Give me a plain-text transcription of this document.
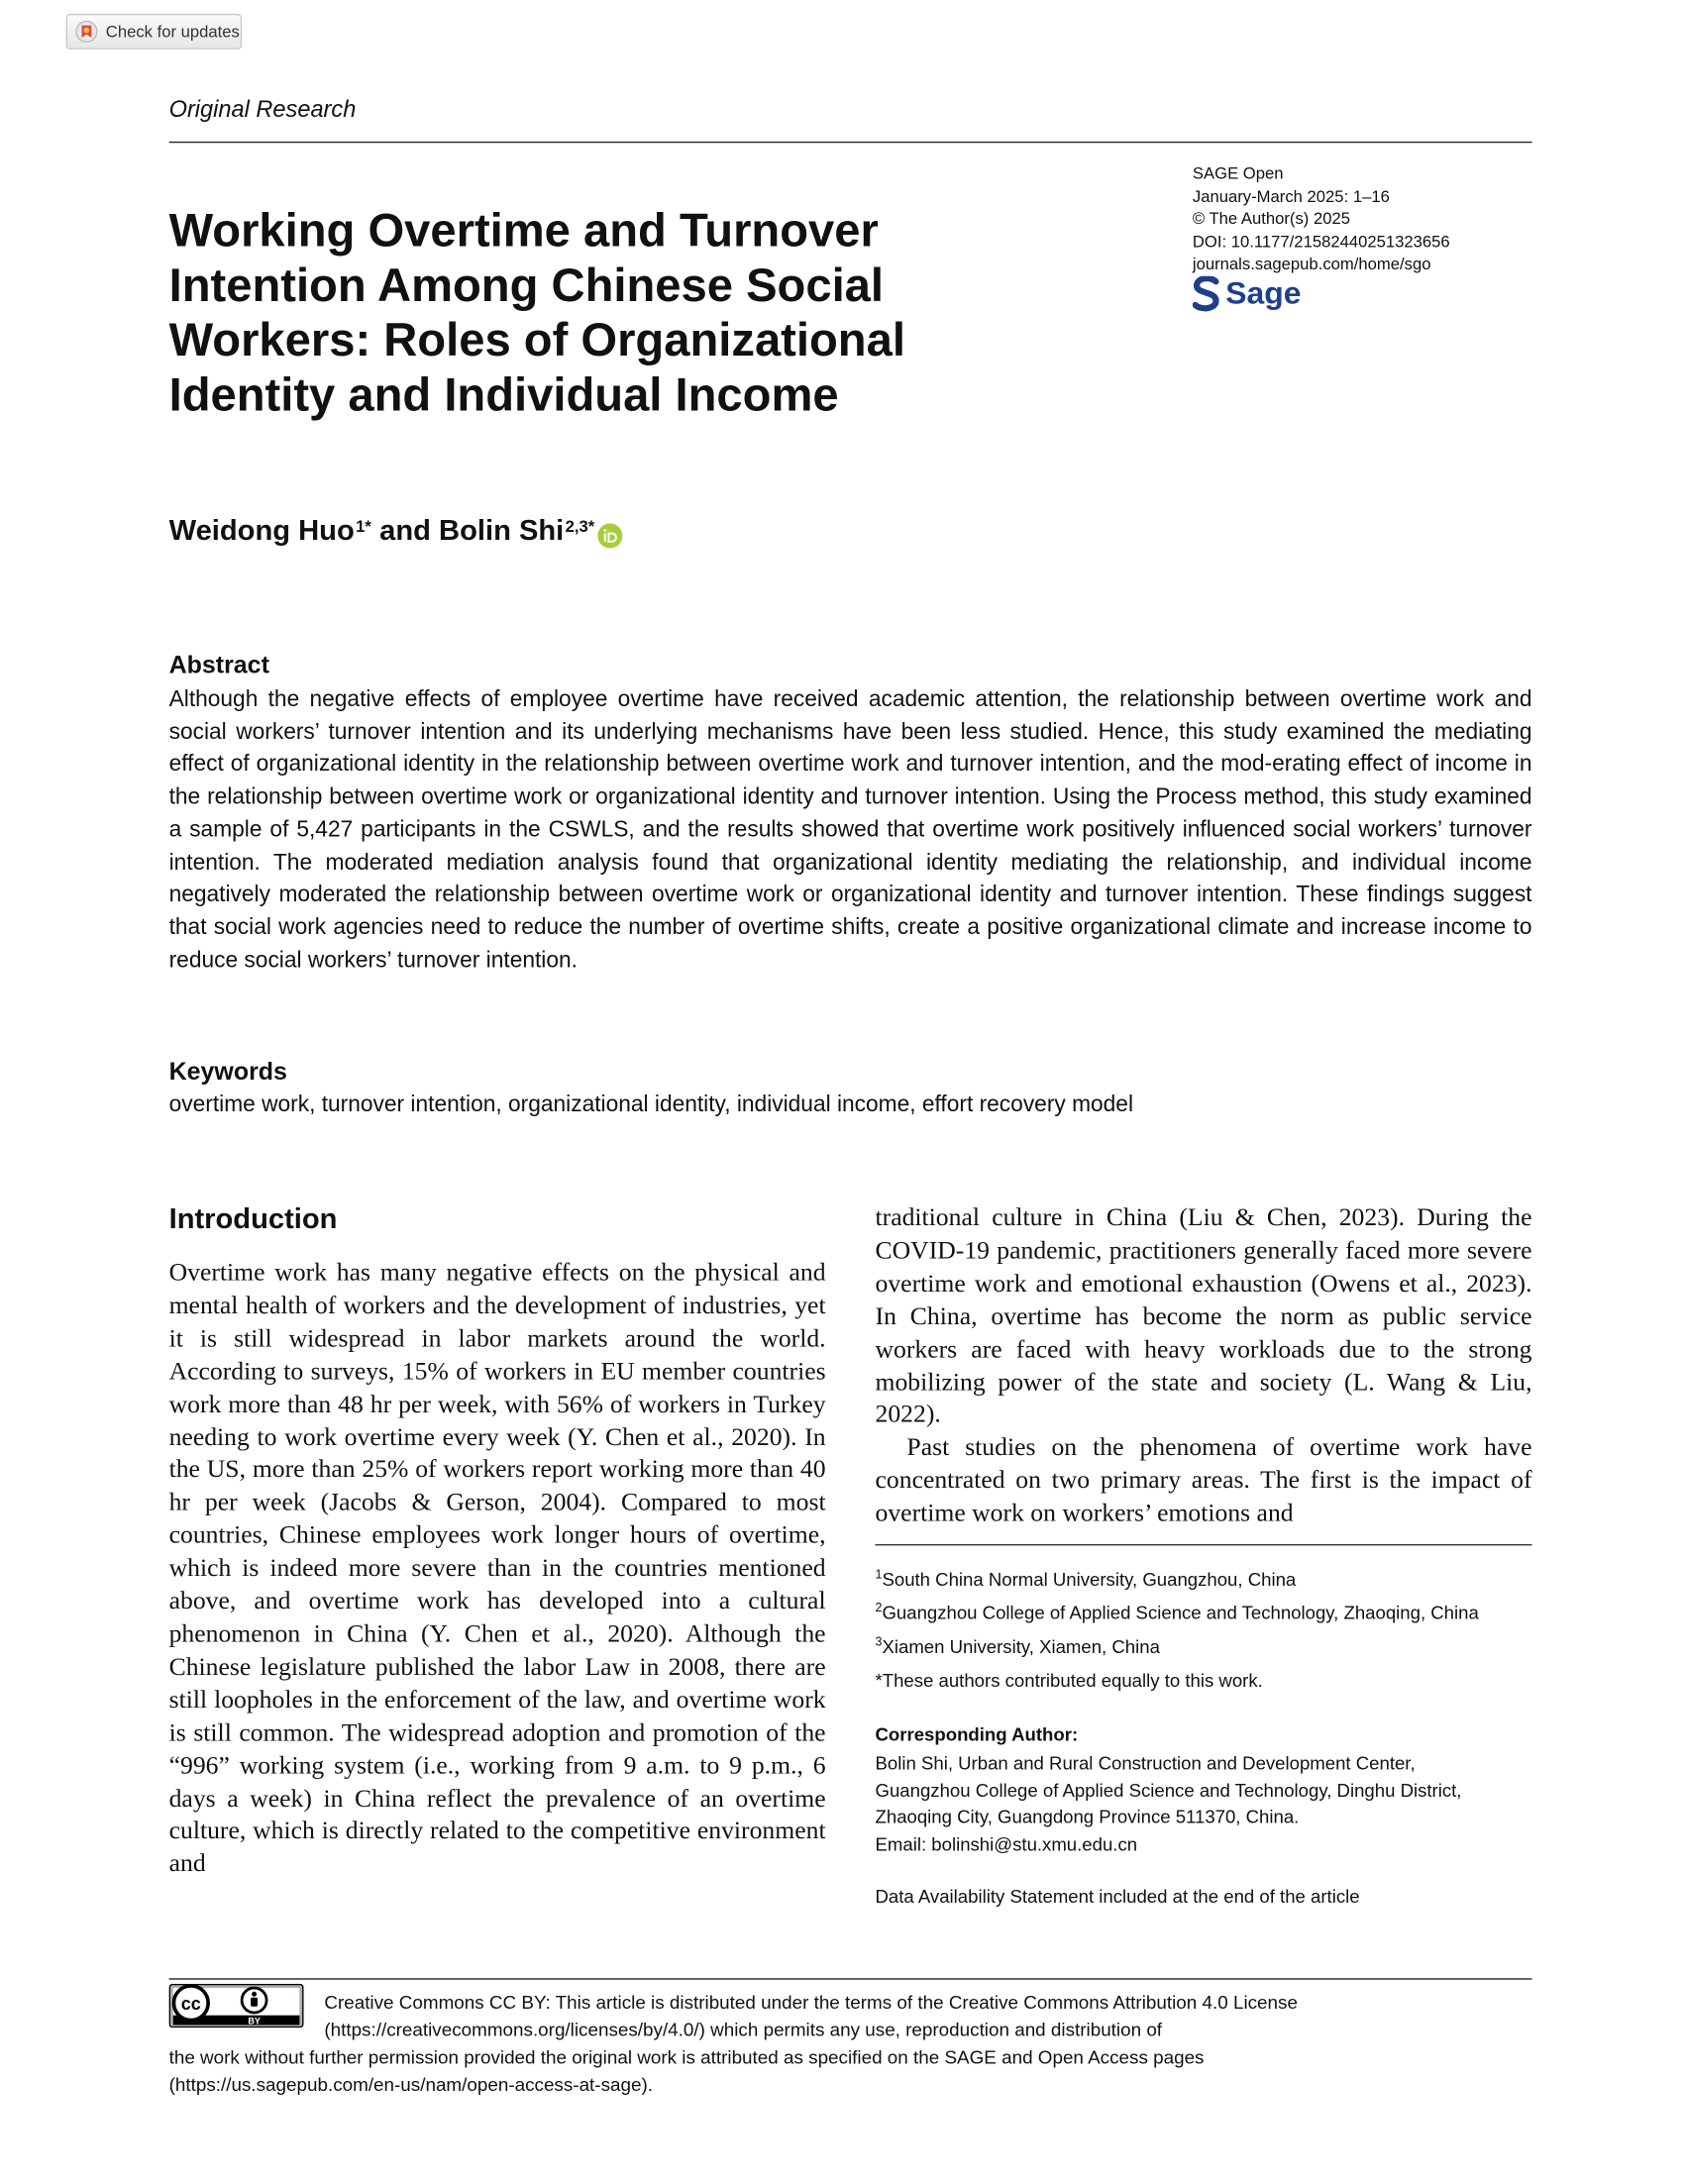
Check for updates
Original Research
SAGE Open
January-March 2025: 1–16
© The Author(s) 2025
DOI: 10.1177/21582440251323656
journals.sagepub.com/home/sgo
Sage
Working Overtime and Turnover Intention Among Chinese Social Workers: Roles of Organizational Identity and Individual Income
Weidong Huo$^{1*}$ and Bolin Shi$^{2,3*}$
Abstract

Although the negative effects of employee overtime have received academic attention, the relationship between overtime work and social workers’ turnover intention and its underlying mechanisms have been less studied. Hence, this study examined the mediating effect of organizational identity in the relationship between overtime work and turnover intention, and the mod-erating effect of income in the relationship between overtime work or organizational identity and turnover intention. Using the Process method, this study examined a sample of 5,427 participants in the CSWLS, and the results showed that overtime work positively influenced social workers’ turnover intention. The moderated mediation analysis found that organizational identity mediating the relationship, and individual income negatively moderated the relationship between overtime work or organizational identity and turnover intention. These findings suggest that social work agencies need to reduce the number of overtime shifts, create a positive organizational climate and increase income to reduce social workers’ turnover intention.

Keywords
overtime work, turnover intention, organizational identity, individual income, effort recovery model
Introduction

Overtime work has many negative effects on the physical and mental health of workers and the development of industries, yet it is still widespread in labor markets around the world. According to surveys, 15% of workers in EU member countries work more than 48 hr per week, with 56% of workers in Turkey needing to work overtime every week (Y. Chen et al., 2020). In the US, more than 25% of workers report working more than 40 hr per week (Jacobs & Gerson, 2004). Compared to most countries, Chinese employees work longer hours of overtime, which is indeed more severe than in the countries mentioned above, and overtime work has developed into a cultural phenomenon in China (Y. Chen et al., 2020). Although the Chinese legislature published the labor Law in 2008, there are still loopholes in the enforcement of the law, and overtime work is still common. The widespread adoption and promotion of the “996” working system (i.e., working from 9 a.m. to 9 p.m., 6 days a week) in China reflect the prevalence of an overtime culture, which is directly related to the competitive environment and

traditional culture in China (Liu & Chen, 2023). During the COVID-19 pandemic, practitioners generally faced more severe overtime work and emotional exhaustion (Owens et al., 2023). In China, overtime has become the norm as public service workers are faced with heavy workloads due to the strong mobilizing power of the state and society (L. Wang & Liu, 2022).

Past studies on the phenomena of overtime work have concentrated on two primary areas. The first is the impact of overtime work on workers’ emotions and

$^1$South China Normal University, Guangzhou, China
$^2$Guangzhou College of Applied Science and Technology, Zhaoqing, China
$^3$Xiamen University, Xiamen, China
*These authors contributed equally to this work.
Corresponding Author:
Bolin Shi, Urban and Rural Construction and Development Center,
Guangzhou College of Applied Science and Technology, Dinghu District,
Zhaoqing City, Guangdong Province 511370, China.
Email: bolinshi@stu.xmu.edu.cn
Data Availability Statement included at the end of the article
cc
BY
Creative Commons CC BY: This article is distributed under the terms of the Creative Commons Attribution 4.0 License
(https://creativecommons.org/licenses/by/4.0/) which permits any use, reproduction and distribution of
the work without further permission provided the original work is attributed as specified on the SAGE and Open Access pages
(https://us.sagepub.com/en-us/nam/open-access-at-sage).
